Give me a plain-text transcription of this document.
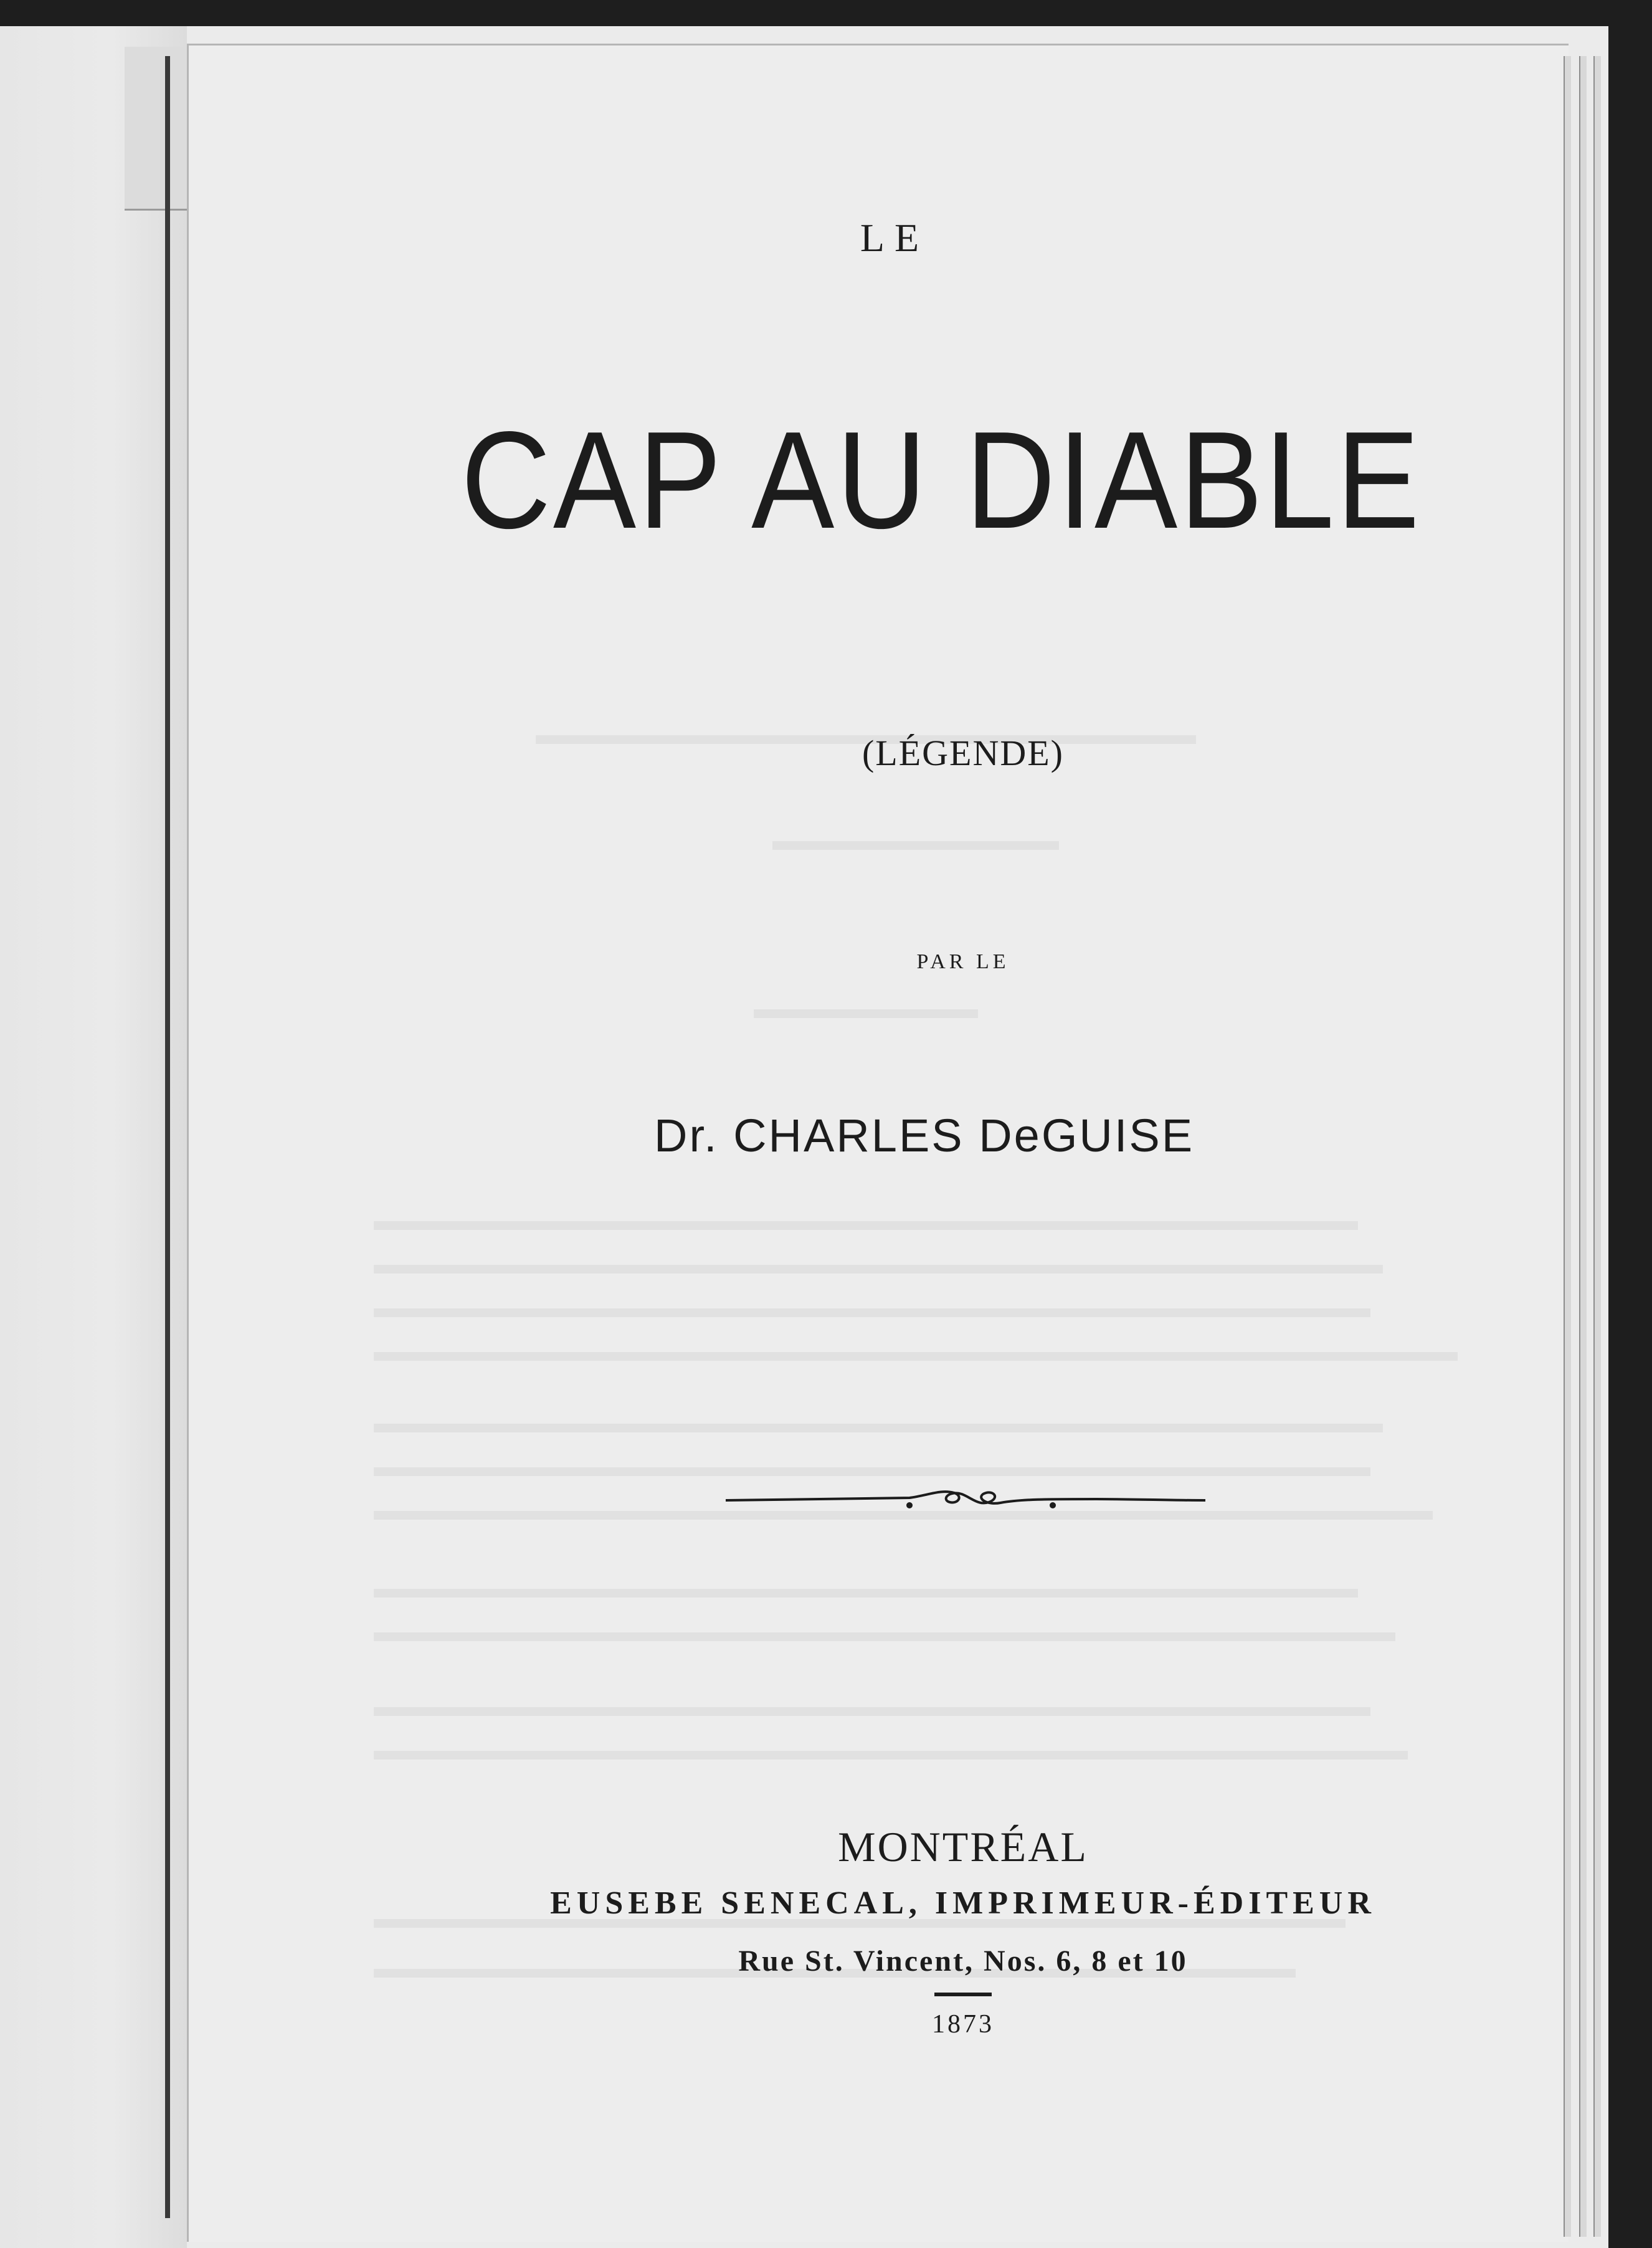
LE
CAP AU DIABLE
(LÉGENDE)
PAR LE
Dr. CHARLES DeGUISE
MONTRÉAL
EUSEBE SENECAL, IMPRIMEUR-ÉDITEUR
Rue St. Vincent, Nos. 6, 8 et 10
1873
